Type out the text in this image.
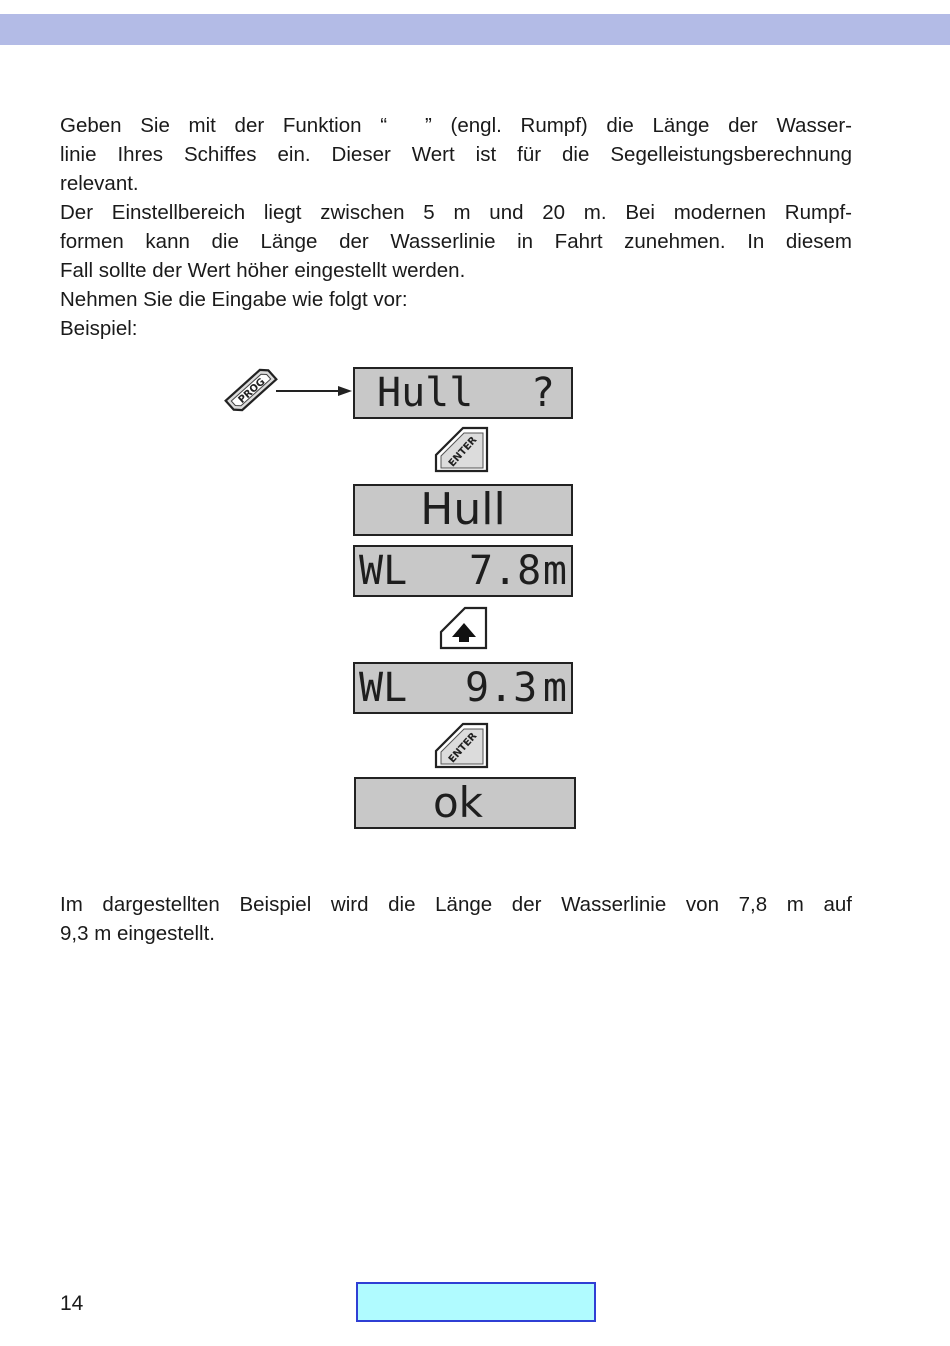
Geben Sie mit der Funktion “ ” (engl. Rumpf) die Länge der Wasser-
linie Ihres Schiffes ein. Dieser Wert ist für die Segelleistungsberechnung
relevant.
Der Einstellbereich liegt zwischen 5 m und 20 m. Bei modernen Rumpf-
formen kann die Länge der Wasserlinie in Fahrt zunehmen. In diesem
Fall sollte der Wert höher eingestellt werden.
Nehmen Sie die Eingabe wie folgt vor:
Beispiel:
PROG	Hull ?
ENTER
Hull
WL 7.8 m
WL 9.3 m
ENTER
ok
Im dargestellten Beispiel wird die Länge der Wasserlinie von 7,8 m auf
9,3 m eingestellt.
14
